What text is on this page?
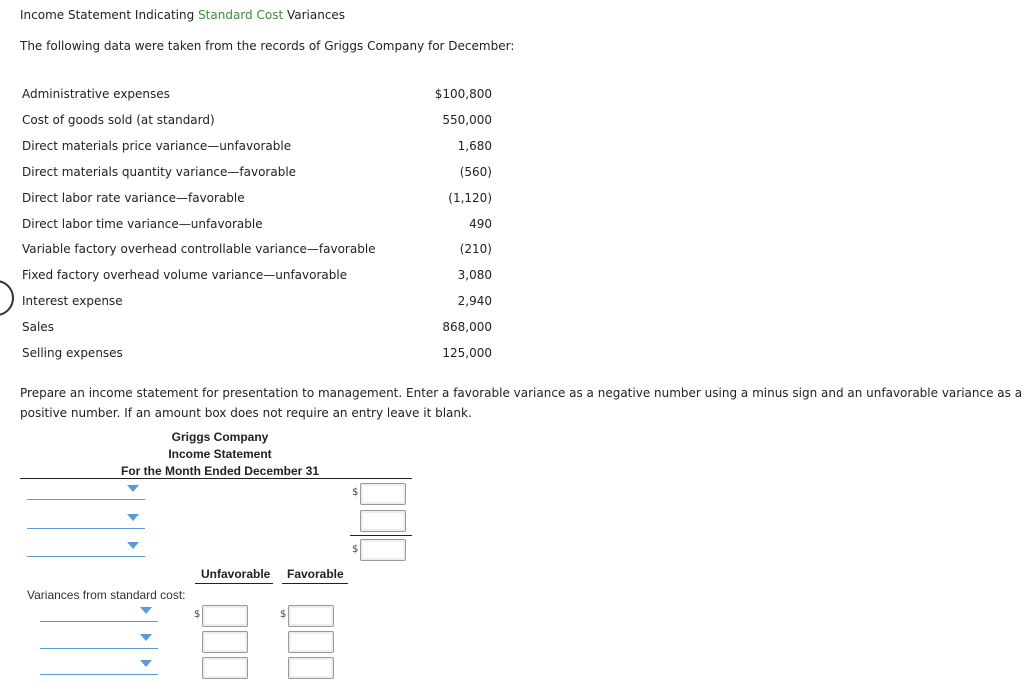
Income Statement Indicating Standard Cost Variances
The following data were taken from the records of Griggs Company for December:
Administrative expenses	$100,800
Cost of goods sold (at standard)	550,000
Direct materials price variance—unfavorable	1,680
Direct materials quantity variance—favorable	(560)
Direct labor rate variance—favorable	(1,120)
Direct labor time variance—unfavorable	490
Variable factory overhead controllable variance—favorable	(210)
Fixed factory overhead volume variance—unfavorable	3,080
Interest expense	2,940
Sales	868,000
Selling expenses	125,000
Prepare an income statement for presentation to management. Enter a favorable variance as a negative number using a minus sign and an unfavorable variance as a positive number. If an amount box does not require an entry leave it blank.
Griggs Company
Income Statement
For the Month Ended December 31
$
$
Unfavorable Favorable
Variances from standard cost:
$	$
